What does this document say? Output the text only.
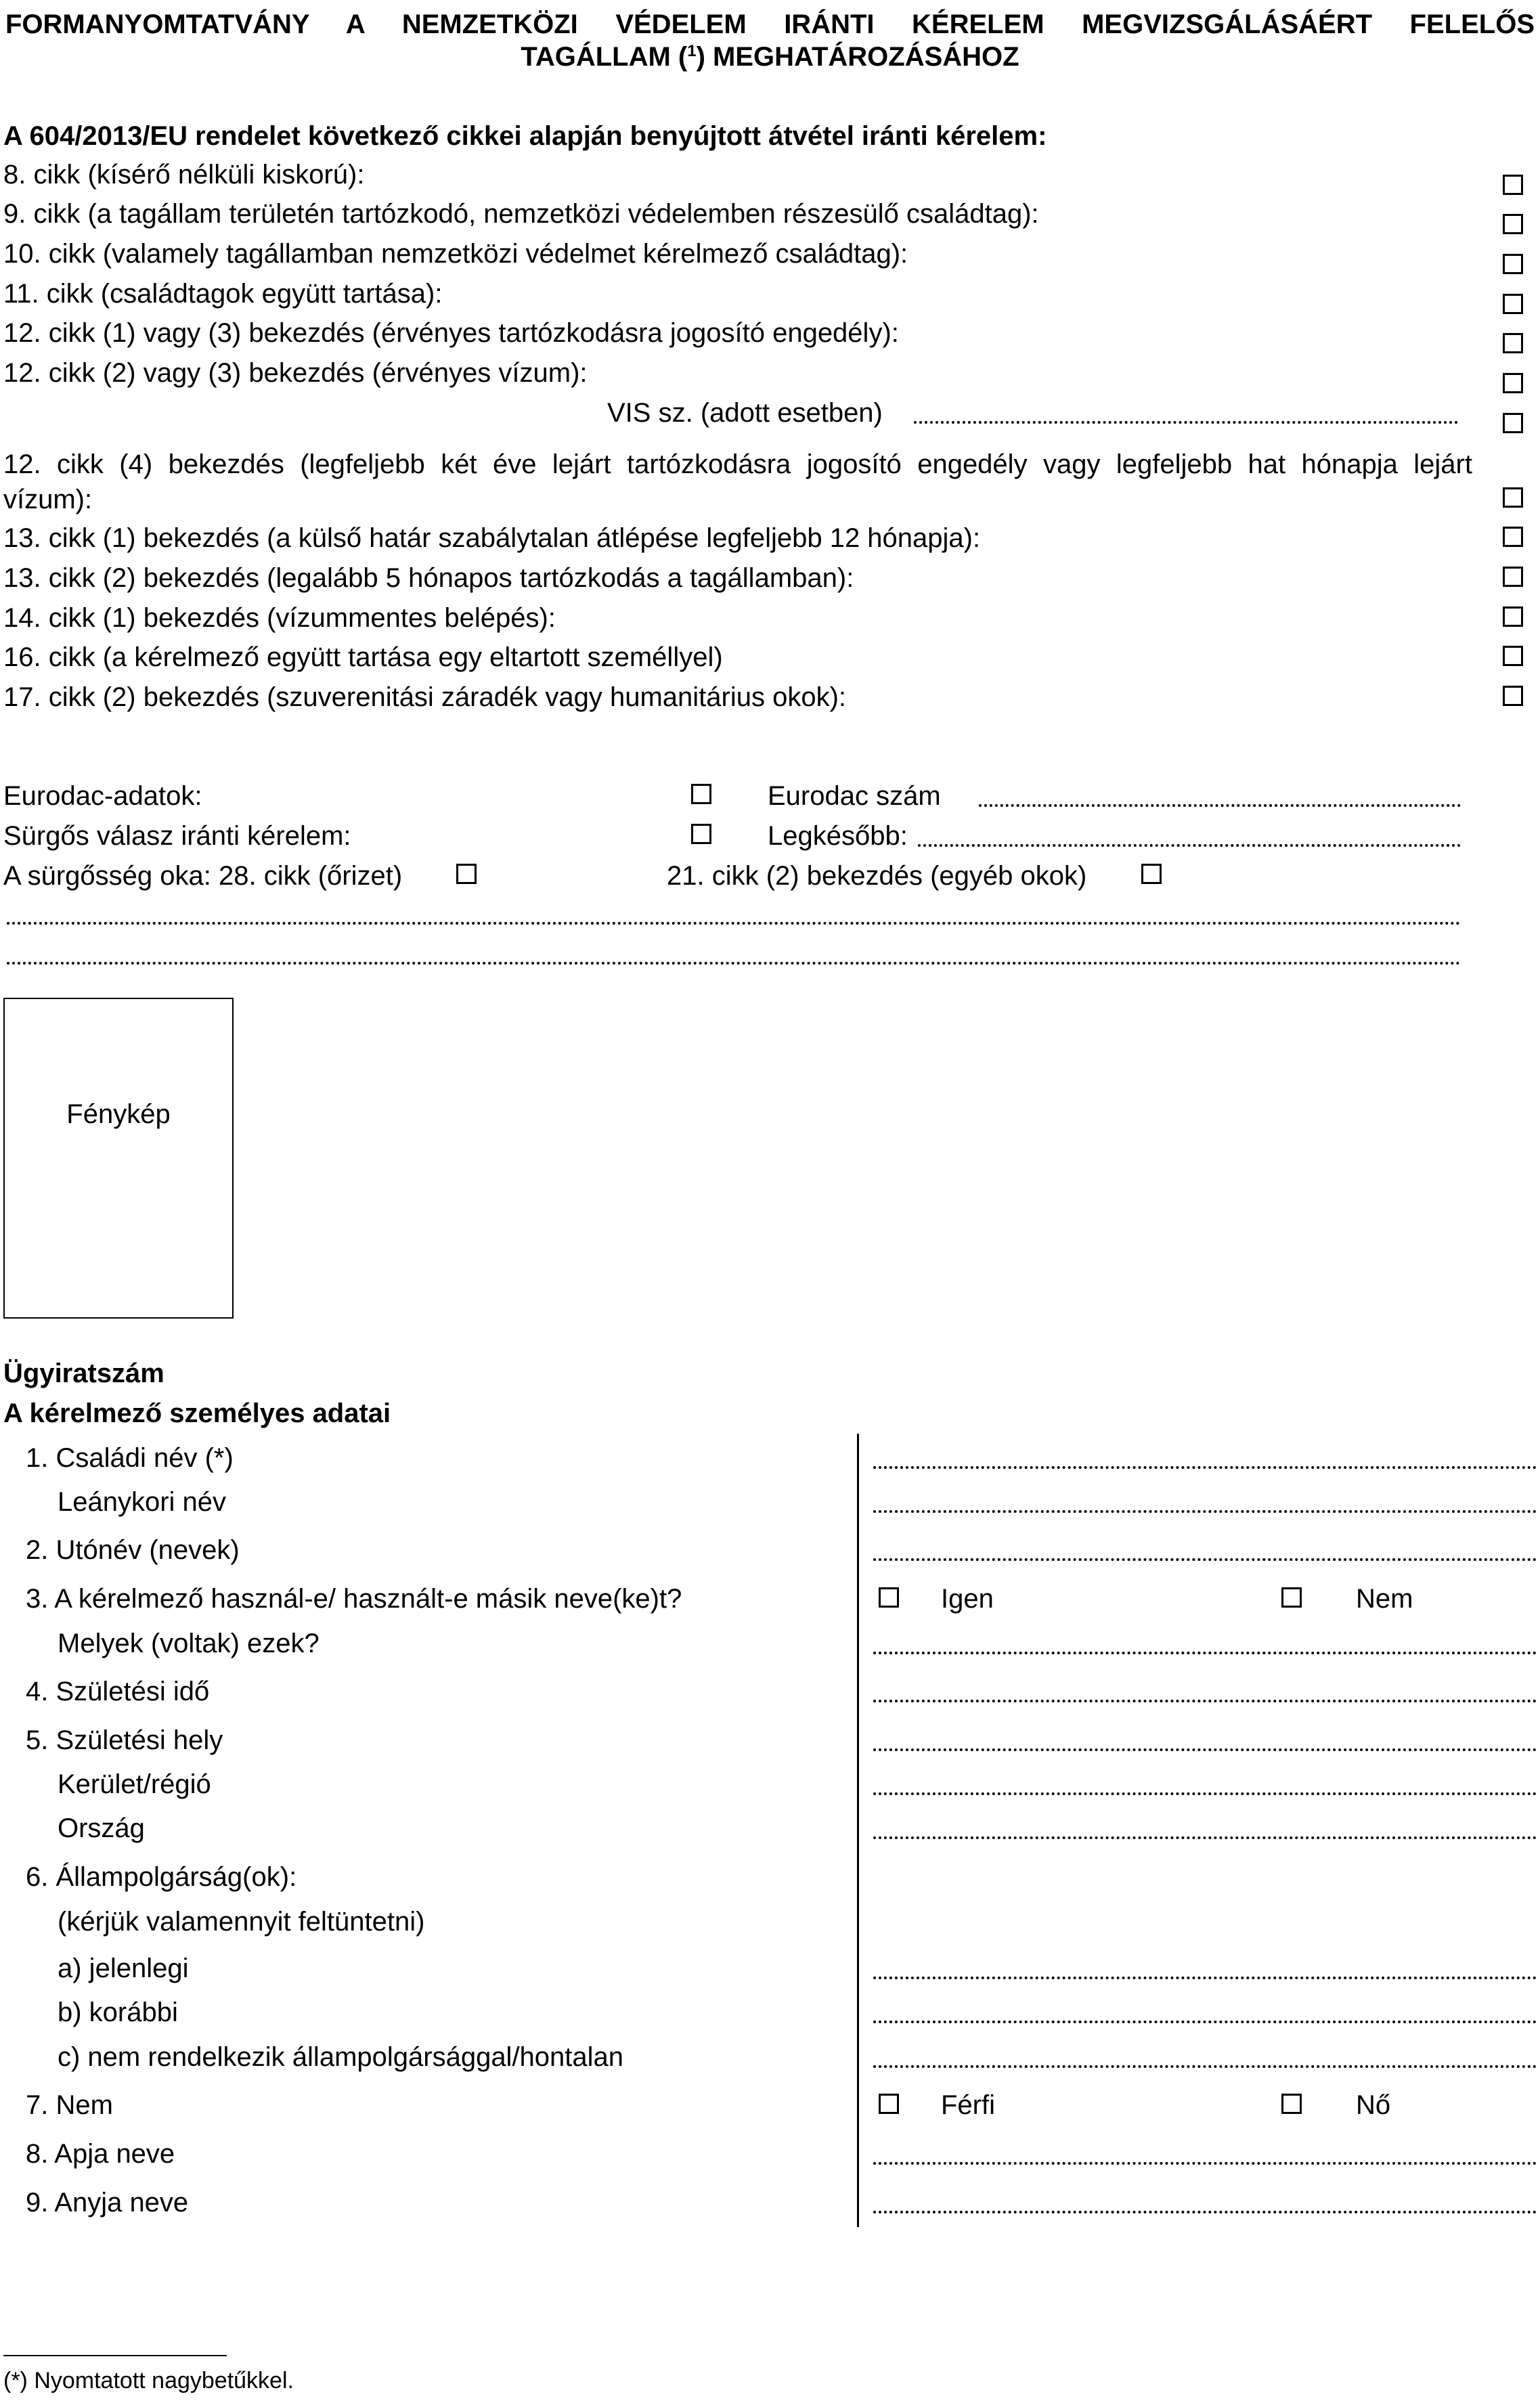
FORMANYOMTATVÁNY A NEMZETKÖZI VÉDELEM IRÁNTI KÉRELEM MEGVIZSGÁLÁSÁÉRT FELELŐS
TAGÁLLAM ($^1$) MEGHATÁROZÁSÁHOZ
A 604/2013/EU rendelet következő cikkei alapján benyújtott átvétel iránti kérelem:
8. cikk (kísérő nélküli kiskorú):
9. cikk (a tagállam területén tartózkodó, nemzetközi védelemben részesülő családtag):
10. cikk (valamely tagállamban nemzetközi védelmet kérelmező családtag):
11. cikk (családtagok együtt tartása):
12. cikk (1) vagy (3) bekezdés (érvényes tartózkodásra jogosító engedély):
12. cikk (2) vagy (3) bekezdés (érvényes vízum):
VIS sz. (adott esetben)
12. cikk (4) bekezdés (legfeljebb két éve lejárt tartózkodásra jogosító engedély vagy legfeljebb hat hónapja lejárt
vízum):
13. cikk (1) bekezdés (a külső határ szabálytalan átlépése legfeljebb 12 hónapja):
13. cikk (2) bekezdés (legalább 5 hónapos tartózkodás a tagállamban):
14. cikk (1) bekezdés (vízummentes belépés):
16. cikk (a kérelmező együtt tartása egy eltartott személlyel)
17. cikk (2) bekezdés (szuverenitási záradék vagy humanitárius okok):
Eurodac-adatok:	Eurodac szám
Sürgős válasz iránti kérelem:	Legkésőbb:
A sürgősség oka: 28. cikk (őrizet)	21. cikk (2) bekezdés (egyéb okok)
Fénykép
Ügyiratszám
A kérelmező személyes adatai
1. Családi név (*)
Leánykori név
2. Utónév (nevek)
3. A kérelmező használ-e/ használt-e másik neve(ke)t?	Igen	Nem
Melyek (voltak) ezek?
4. Születési idő
5. Születési hely
Kerület/régió
Ország
6. Állampolgárság(ok):
(kérjük valamennyit feltüntetni)
a) jelenlegi
b) korábbi
c) nem rendelkezik állampolgársággal/hontalan
7. Nem	Férfi	Nő
8. Apja neve
9. Anyja neve
(*) Nyomtatott nagybetűkkel.
